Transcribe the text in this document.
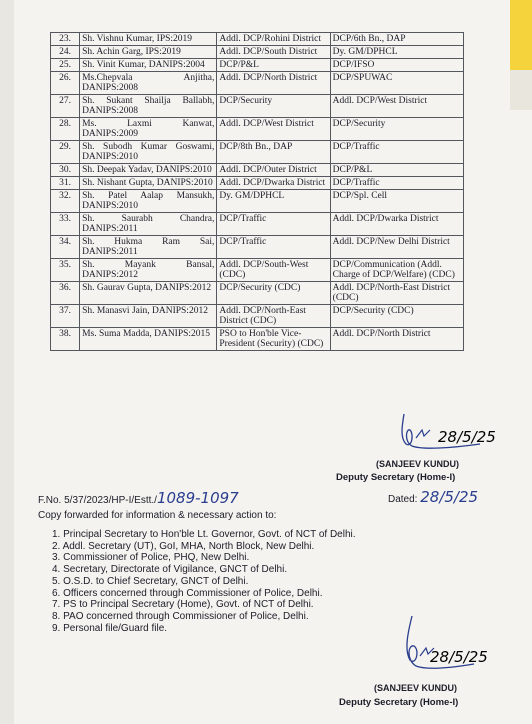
23.	Sh. Vishnu Kumar, IPS:2019	Addl. DCP/Rohini District	DCP/6th Bn., DAP
24.	Sh. Achin Garg, IPS:2019	Addl. DCP/South District	Dy. GM/DPHCL
25.	Sh. Vinit Kumar, DANIPS:2004	DCP/P&L	DCP/IFSO
26.	Ms.Chepvala Anjitha, DANIPS:2008	Addl. DCP/North District	DCP/SPUWAC
27.	Sh. Sukant Shailja Ballabh, DANIPS:2008	DCP/Security	Addl. DCP/West District
28.	Ms. Laxmi Kanwat, DANIPS:2009	Addl. DCP/West District	DCP/Security
29.	Sh. Subodh Kumar Goswami, DANIPS:2010	DCP/8th Bn., DAP	DCP/Traffic
30.	Sh. Deepak Yadav, DANIPS:2010	Addl. DCP/Outer District	DCP/P&L
31.	Sh. Nishant Gupta, DANIPS:2010	Addl. DCP/Dwarka District	DCP/Traffic
32.	Sh. Patel Aalap Mansukh, DANIPS:2010	Dy. GM/DPHCL	DCP/Spl. Cell
33.	Sh. Saurabh Chandra, DANIPS:2011	DCP/Traffic	Addl. DCP/Dwarka District
34.	Sh. Hukma Ram Sai, DANIPS:2011	DCP/Traffic	Addl. DCP/New Delhi District
35.	Sh. Mayank Bansal, DANIPS:2012	Addl. DCP/South-West (CDC)	DCP/Communication (Addl. Charge of DCP/Welfare) (CDC)
36.	Sh. Gaurav Gupta, DANIPS:2012	DCP/Security (CDC)	Addl. DCP/North-East District (CDC)
37.	Sh. Manasvi Jain, DANIPS:2012	Addl. DCP/North-East District (CDC)	DCP/Security (CDC)
38.	Ms. Suma Madda, DANIPS:2015	PSO to Hon'ble Vice-President (Security) (CDC)	Addl. DCP/North District
28/5/25
(SANJEEV KUNDU)
Deputy Secretary (Home-I)
F.No. 5/37/2023/HP-I/Estt./1089-1097	Dated: 28/5/25
Copy forwarded for information & necessary action to:
1. Principal Secretary to Hon'ble Lt. Governor, Govt. of NCT of Delhi.
2. Addl. Secretary (UT), GoI, MHA, North Block, New Delhi.
3. Commissioner of Police, PHQ, New Delhi.
4. Secretary, Directorate of Vigilance, GNCT of Delhi.
5. O.S.D. to Chief Secretary, GNCT of Delhi.
6. Officers concerned through Commissioner of Police, Delhi.
7. PS to Principal Secretary (Home), Govt. of NCT of Delhi.
8. PAO concerned through Commissioner of Police, Delhi.
9. Personal file/Guard file.
28/5/25
(SANJEEV KUNDU)
Deputy Secretary (Home-I)
